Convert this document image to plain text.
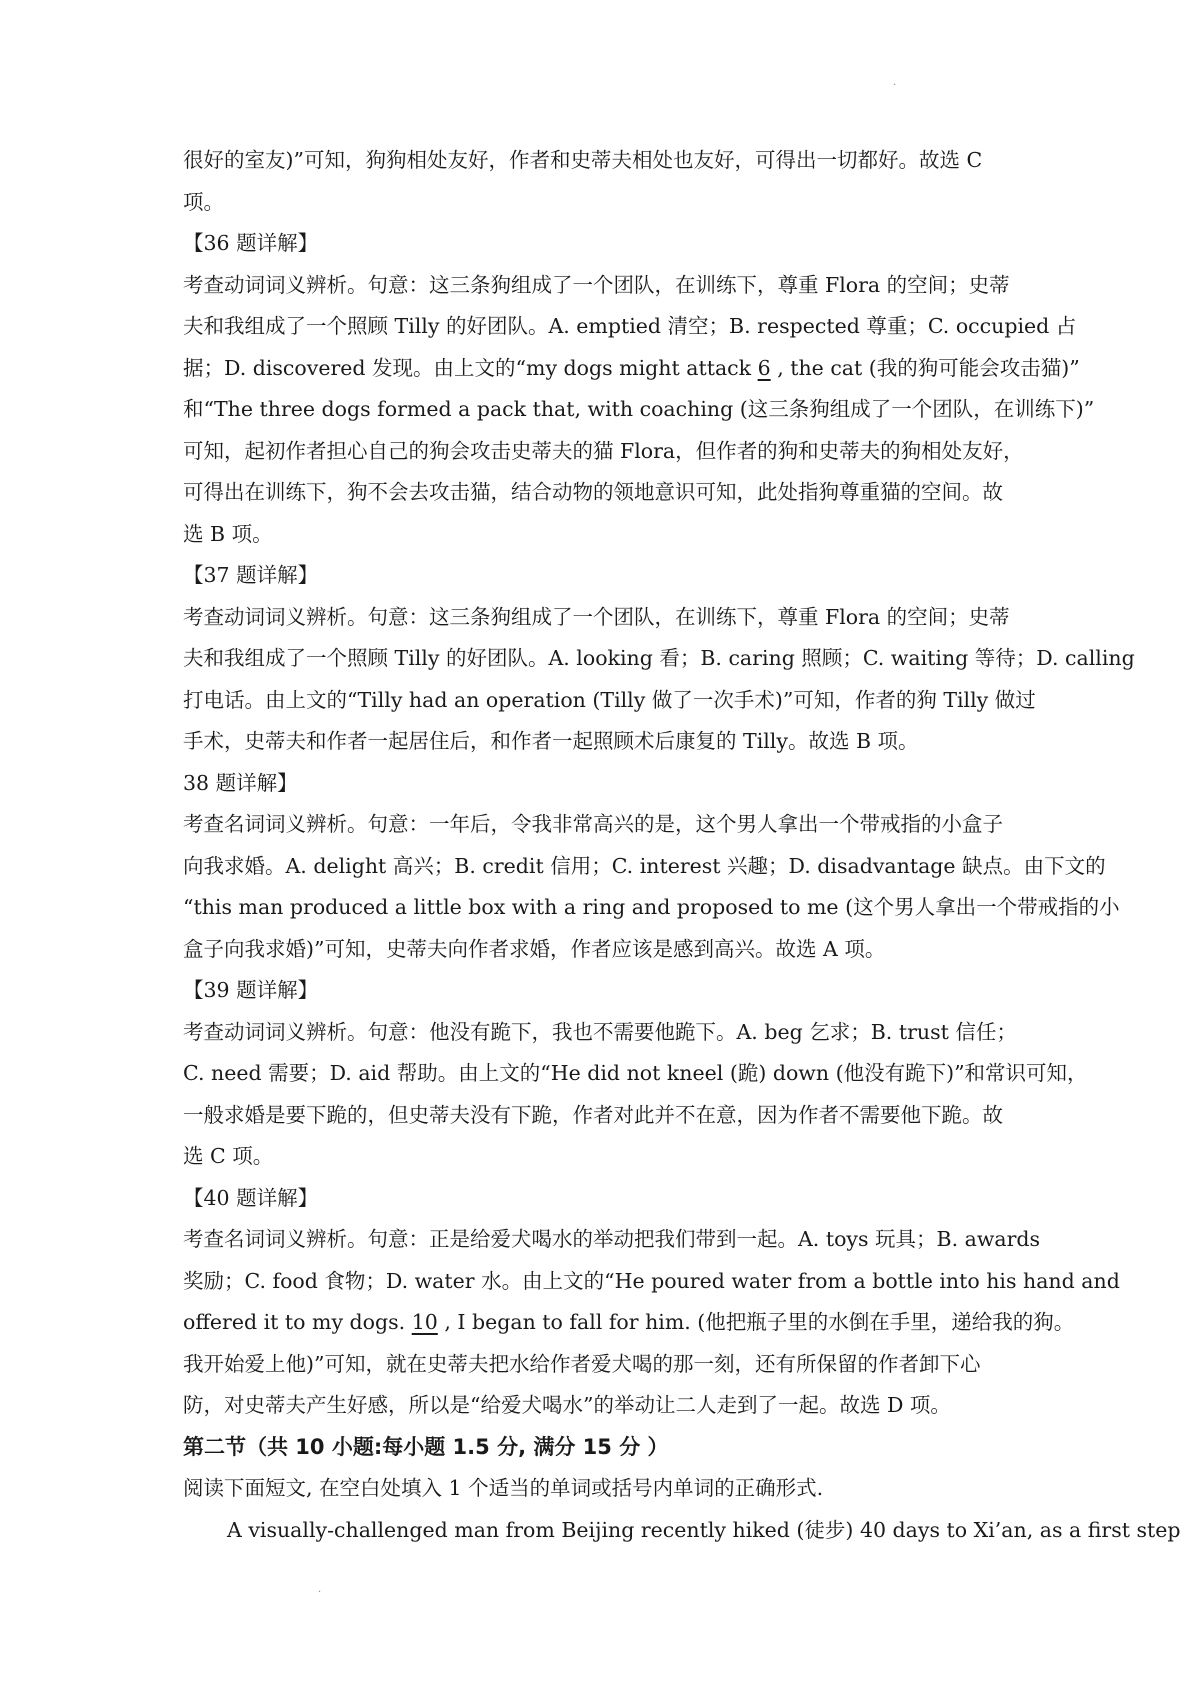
·
很好的室友)”可知，狗狗相处友好，作者和史蒂夫相处也友好，可得出一切都好。故选 C
项。
【36 题详解】
考查动词词义辨析。句意：这三条狗组成了一个团队，在训练下，尊重 Flora 的空间；史蒂
夫和我组成了一个照顾 Tilly 的好团队。A. emptied 清空；B. respected 尊重；C. occupied 占
据；D. discovered 发现。由上文的“my dogs might attack 6 , the cat (我的狗可能会攻击猫)”
和“The three dogs formed a pack that, with coaching (这三条狗组成了一个团队，在训练下)”
可知，起初作者担心自己的狗会攻击史蒂夫的猫 Flora，但作者的狗和史蒂夫的狗相处友好，
可得出在训练下，狗不会去攻击猫，结合动物的领地意识可知，此处指狗尊重猫的空间。故
选 B 项。
【37 题详解】
考查动词词义辨析。句意：这三条狗组成了一个团队，在训练下，尊重 Flora 的空间；史蒂
夫和我组成了一个照顾 Tilly 的好团队。A. looking 看；B. caring 照顾；C. waiting 等待；D. calling
打电话。由上文的“Tilly had an operation (Tilly 做了一次手术)”可知，作者的狗 Tilly 做过
手术，史蒂夫和作者一起居住后，和作者一起照顾术后康复的 Tilly。故选 B 项。
38 题详解】
考查名词词义辨析。句意：一年后，令我非常高兴的是，这个男人拿出一个带戒指的小盒子
向我求婚。A. delight 高兴；B. credit 信用；C. interest 兴趣；D. disadvantage 缺点。由下文的
“this man produced a little box with a ring and proposed to me (这个男人拿出一个带戒指的小
盒子向我求婚)”可知，史蒂夫向作者求婚，作者应该是感到高兴。故选 A 项。
【39 题详解】
考查动词词义辨析。句意：他没有跪下，我也不需要他跪下。A. beg 乞求；B. trust 信任；
C. need 需要；D. aid 帮助。由上文的“He did not kneel (跪) down (他没有跪下)”和常识可知，
一般求婚是要下跪的，但史蒂夫没有下跪，作者对此并不在意，因为作者不需要他下跪。故
选 C 项。
【40 题详解】
考查名词词义辨析。句意：正是给爱犬喝水的举动把我们带到一起。A. toys 玩具；B. awards
奖励；C. food 食物；D. water 水。由上文的“He poured water from a bottle into his hand and
offered it to my dogs. 10 , I began to fall for him. (他把瓶子里的水倒在手里，递给我的狗。
我开始爱上他)”可知，就在史蒂夫把水给作者爱犬喝的那一刻，还有所保留的作者卸下心
防，对史蒂夫产生好感，所以是“给爱犬喝水”的举动让二人走到了一起。故选 D 项。
第二节（共 10 小题:每小题 1.5 分, 满分 15 分 ）
阅读下面短文, 在空白处填入 1 个适当的单词或括号内单词的正确形式.
A visually-challenged man from Beijing recently hiked (徒步) 40 days to Xi’an, as a first step
·
